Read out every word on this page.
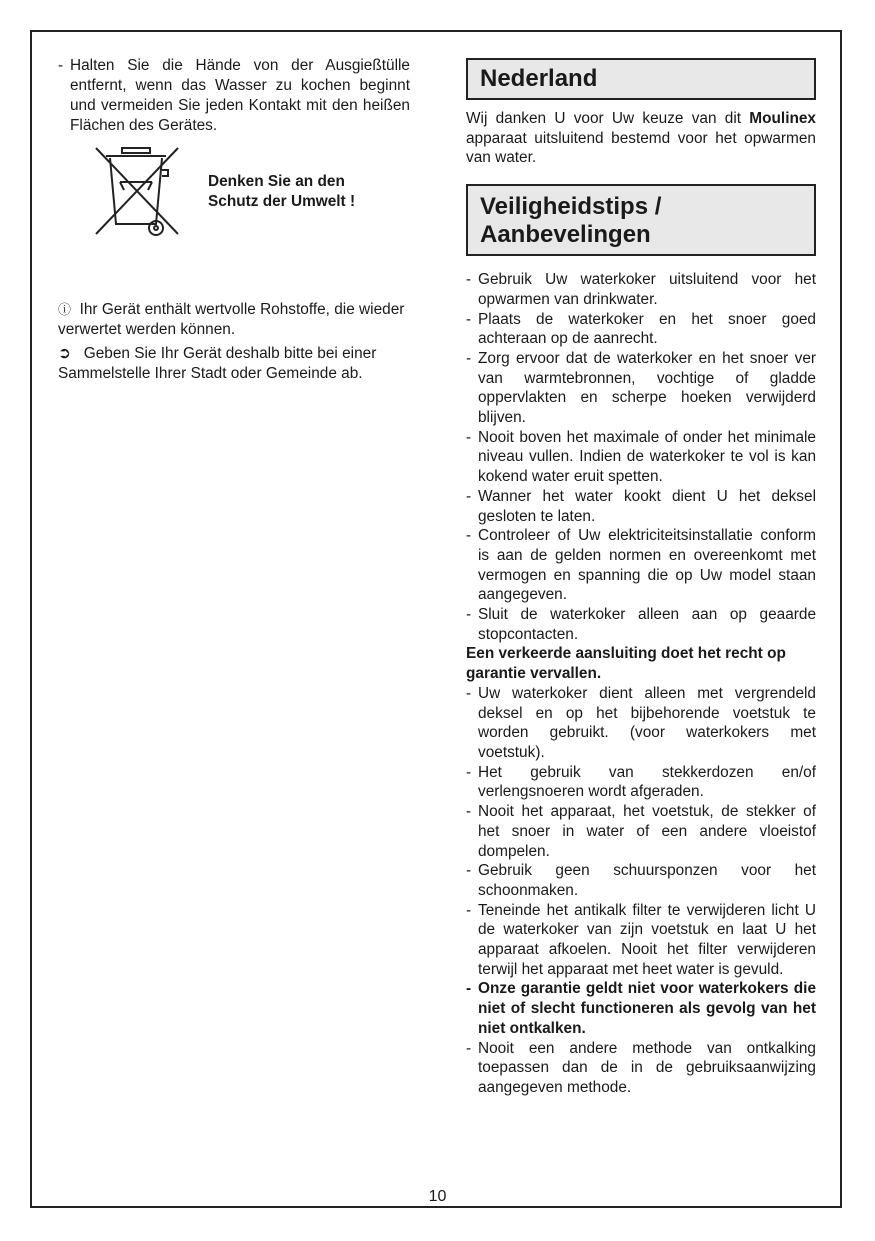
- Halten Sie die Hände von der Ausgießtülle entfernt, wenn das Wasser zu kochen beginnt und vermeiden Sie jeden Kontakt mit den heißen Flächen des Gerätes.
Denken Sie an den
Schutz der Umwelt !
ⓘ Ihr Gerät enthält wertvolle Rohstoffe, die wieder verwertet werden können.
➲ Geben Sie Ihr Gerät deshalb bitte bei einer Sammelstelle Ihrer Stadt oder Gemeinde ab.
Nederland
Wij danken U voor Uw keuze van dit Moulinex apparaat uitsluitend bestemd voor het opwarmen van water.
Veiligheidstips /
Aanbevelingen
- Gebruik Uw waterkoker uitsluitend voor het opwarmen van drinkwater.
- Plaats de waterkoker en het snoer goed achteraan op de aanrecht.
- Zorg ervoor dat de waterkoker en het snoer ver van warmtebronnen, vochtige of gladde oppervlakten en scherpe hoeken verwijderd blijven.
- Nooit boven het maximale of onder het minimale niveau vullen. Indien de waterkoker te vol is kan kokend water eruit spetten.
- Wanner het water kookt dient U het deksel gesloten te laten.
- Controleer of Uw elektriciteitsinstallatie conform is aan de gelden normen en overeenkomt met vermogen en spanning die op Uw model staan aangegeven.
- Sluit de waterkoker alleen aan op geaarde stopcontacten.
Een verkeerde aansluiting doet het recht op garantie vervallen.
- Uw waterkoker dient alleen met vergrendeld deksel en op het bijbehorende voetstuk te worden gebruikt. (voor waterkokers met voetstuk).
- Het gebruik van stekkerdozen en/of verlengsnoeren wordt afgeraden.
- Nooit het apparaat, het voetstuk, de stekker of het snoer in water of een andere vloeistof dompelen.
- Gebruik geen schuursponzen voor het schoonmaken.
- Teneinde het antikalk filter te verwijderen licht U de waterkoker van zijn voetstuk en laat U het apparaat afkoelen. Nooit het filter verwijderen terwijl het apparaat met heet water is gevuld.
- Onze garantie geldt niet voor waterkokers die niet of slecht functioneren als gevolg van het niet ontkalken.
- Nooit een andere methode van ontkalking toepassen dan de in de gebruiksaanwijzing aangegeven methode.
10
